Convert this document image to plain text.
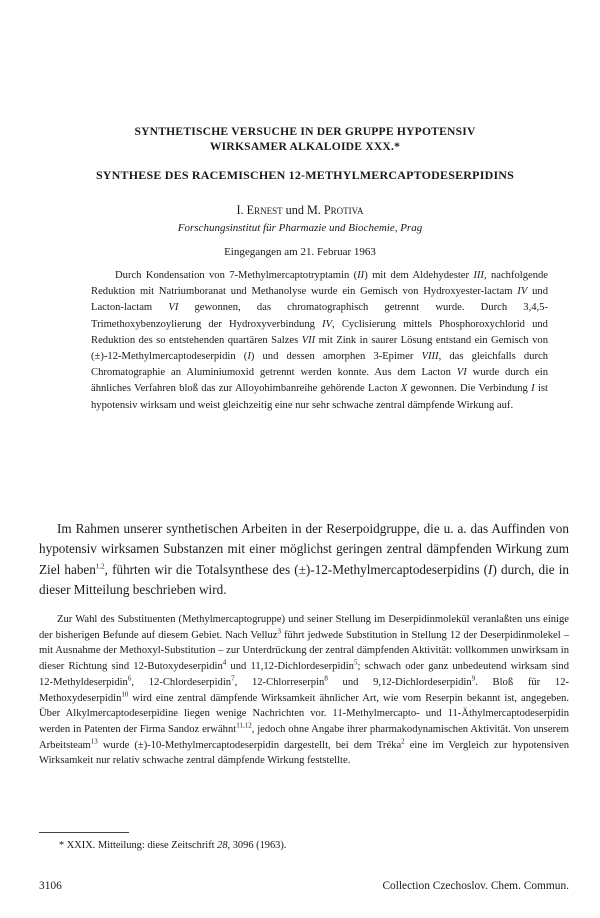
SYNTHETISCHE VERSUCHE IN DER GRUPPE HYPOTENSIV
WIRKSAMER ALKALOIDE XXX.*
SYNTHESE DES RACEMISCHEN 12-METHYLMERCAPTODESERPIDINS
I. Ernest und M. Protiva
Forschungsinstitut für Pharmazie und Biochemie, Prag
Eingegangen am 21. Februar 1963

Durch Kondensation von 7-Methylmercaptotryptamin (II) mit dem Aldehydester III, nachfolgende Reduktion mit Natriumboranat und Methanolyse wurde ein Gemisch von Hydroxyester-lactam IV und Lacton-lactam VI gewonnen, das chromatographisch getrennt wurde. Durch 3,4,5-Trimethoxybenzoylierung der Hydroxyverbindung IV, Cyclisierung mittels Phosphoroxychlorid und Reduktion des so entstehenden quartären Salzes VII mit Zink in saurer Lösung entstand ein Gemisch von (±)-12-Methylmercaptodeserpidin (I) und dessen amorphen 3-Epimer VIII, das gleichfalls durch Chromatographie an Aluminiumoxid getrennt werden konnte. Aus dem Lacton VI wurde durch ein ähnliches Verfahren bloß das zur Alloyohimbanreihe gehörende Lacton X gewonnen. Die Verbindung I ist hypotensiv wirksam und weist gleichzeitig eine nur sehr schwache zentral dämpfende Wirkung auf.

Im Rahmen unserer synthetischen Arbeiten in der Reserpoidgruppe, die u. a. das Auffinden von hypotensiv wirksamen Substanzen mit einer möglichst geringen zentral dämpfenden Wirkung zum Ziel haben$^{1,2}$, führten wir die Totalsynthese des (±)-12-Methylmercaptodeserpidins (I) durch, die in dieser Mitteilung beschrieben wird.

Zur Wahl des Substituenten (Methylmercaptogruppe) und seiner Stellung im Deserpidinmolekül veranlaßten uns einige der bisherigen Befunde auf diesem Gebiet. Nach Velluz$^3$ führt jedwede Substitution in Stellung 12 der Deserpidinmolekel – mit Ausnahme der Methoxyl-Substitution – zur Unterdrückung der zentral dämpfenden Aktivität: vollkommen unwirksam in dieser Richtung sind 12-Butoxydeserpidin$^4$ und 11,12-Dichlordeserpidin$^5$; schwach oder ganz unbedeutend wirksam sind 12-Methyldeserpidin$^6$, 12-Chlordeserpidin$^7$, 12-Chlorreserpin$^8$ und 9,12-Dichlordeserpidin$^9$. Bloß für 12-Methoxydeserpidin$^{10}$ wird eine zentral dämpfende Wirksamkeit ähnlicher Art, wie vom Reserpin bekannt ist, angegeben. Über Alkylmercaptodeserpidine liegen wenige Nachrichten vor. 11-Methylmercapto- und 11-Äthylmercaptodeserpidin werden in Patenten der Firma Sandoz erwähnt$^{11,12}$, jedoch ohne Angabe ihrer pharmakodynamischen Aktivität. Von unserem Arbeitsteam$^{13}$ wurde (±)-10-Methylmercaptodeserpidin dargestellt, bei dem Tréka$^2$ eine im Vergleich zur hypotensiven Wirksamkeit nur relativ schwache zentral dämpfende Wirkung feststellte.

* XXIX. Mitteilung: diese Zeitschrift 28, 3096 (1963).

3106	Collection Czechoslov. Chem. Commun.
